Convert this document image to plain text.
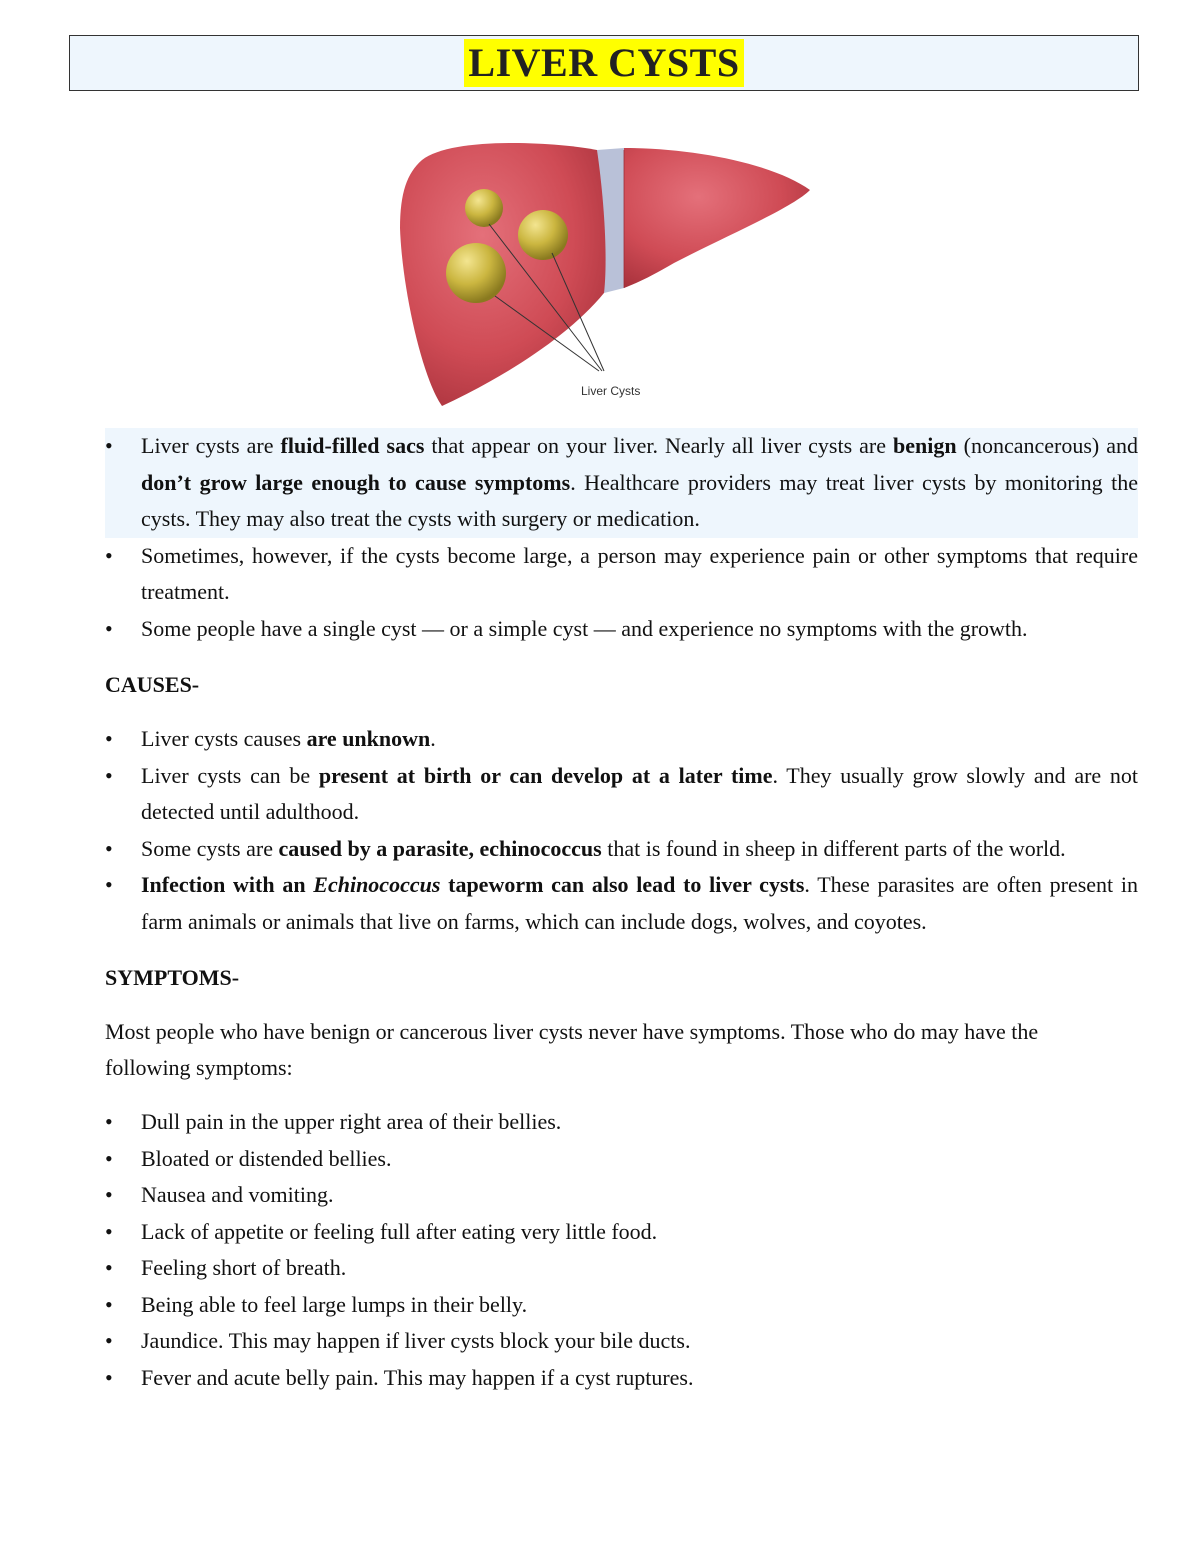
LIVER CYSTS
Liver Cysts
• Liver cysts are fluid-filled sacs that appear on your liver. Nearly all liver cysts are benign (noncancerous) and don’t grow large enough to cause symptoms. Healthcare providers may treat liver cysts by monitoring the cysts. They may also treat the cysts with surgery or medication.
• Sometimes, however, if the cysts become large, a person may experience pain or other symptoms that require treatment.
• Some people have a single cyst — or a simple cyst — and experience no symptoms with the growth.
CAUSES-
• Liver cysts causes are unknown.
• Liver cysts can be present at birth or can develop at a later time. They usually grow slowly and are not detected until adulthood.
• Some cysts are caused by a parasite, echinococcus that is found in sheep in different parts of the world.
• Infection with an Echinococcus tapeworm can also lead to liver cysts. These parasites are often present in farm animals or animals that live on farms, which can include dogs, wolves, and coyotes.
SYMPTOMS-
Most people who have benign or cancerous liver cysts never have symptoms. Those who do may have the following symptoms:
• Dull pain in the upper right area of their bellies.
• Bloated or distended bellies.
• Nausea and vomiting.
• Lack of appetite or feeling full after eating very little food.
• Feeling short of breath.
• Being able to feel large lumps in their belly.
• Jaundice. This may happen if liver cysts block your bile ducts.
• Fever and acute belly pain. This may happen if a cyst ruptures.
